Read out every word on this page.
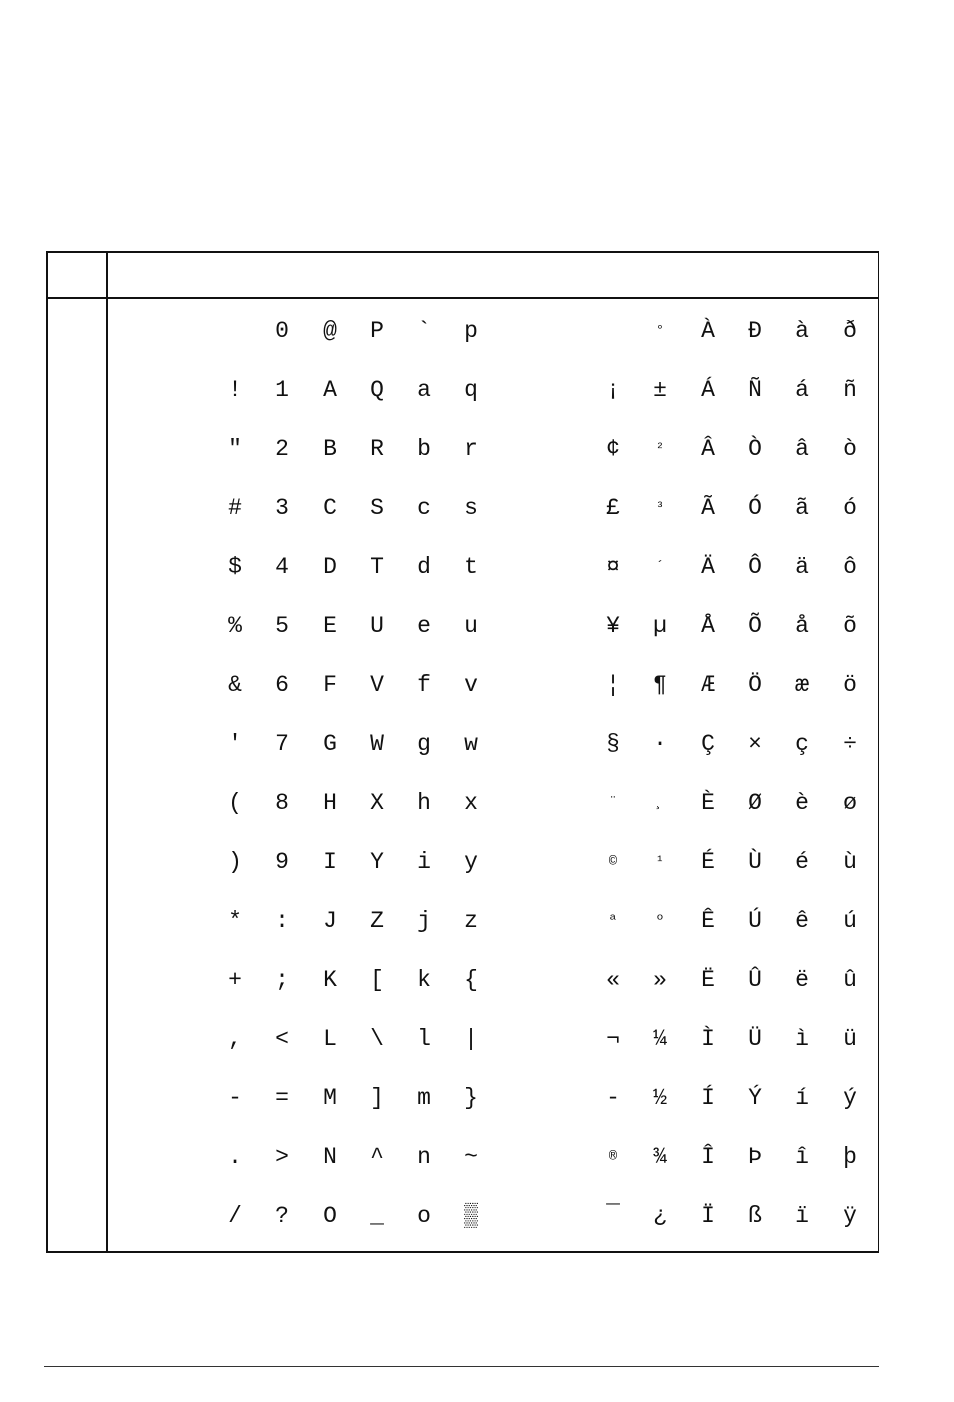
!
"
#
$
%
&
'
(
)
*
+
,
-
.
/
0
1
2
3
4
5
6
7
8
9
:
;
<
=
>
?
@
A
B
C
D
E
F
G
H
I
J
K
L
M
N
O
P
Q
R
S
T
U
V
W
X
Y
Z
[
\
]
^
_
`
a
b
c
d
e
f
g
h
i
j
k
l
m
n
o
p
q
r
s
t
u
v
w
x
y
z
{
|
}
~
▒
¡
¢
£
¤
¥
¦
§
¨
©
ª
«
¬
-
®
¯
°
±
²
³
´
µ
¶
·
¸
¹
º
»
¼
½
¾
¿
À
Á
Â
Ã
Ä
Å
Æ
Ç
È
É
Ê
Ë
Ì
Í
Î
Ï
Ð
Ñ
Ò
Ó
Ô
Õ
Ö
×
Ø
Ù
Ú
Û
Ü
Ý
Þ
ß
à
á
â
ã
ä
å
æ
ç
è
é
ê
ë
ì
í
î
ï
ð
ñ
ò
ó
ô
õ
ö
÷
ø
ù
ú
û
ü
ý
þ
ÿ
